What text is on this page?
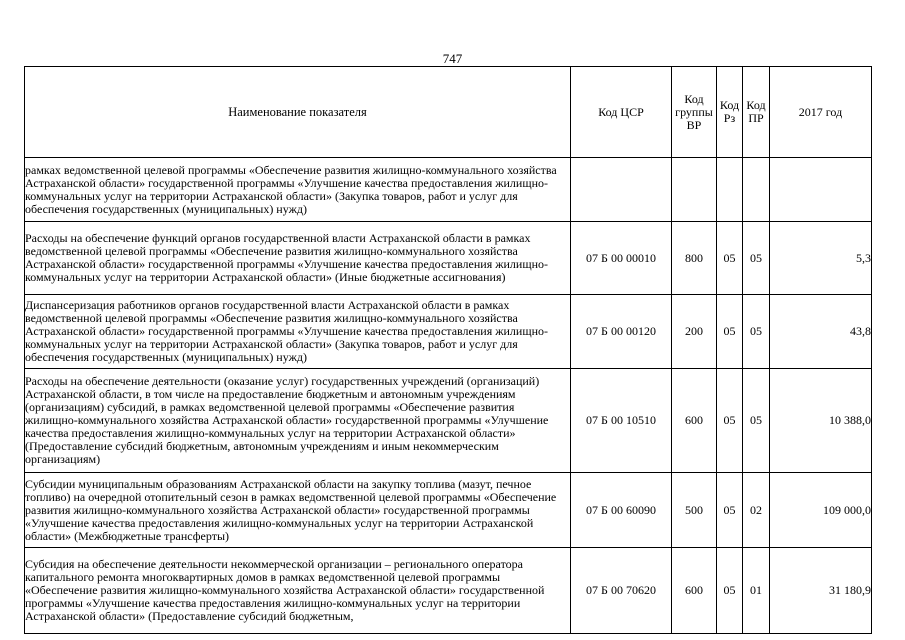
747
Наименование показателя	Код ЦСР	Код группы ВР	Код Рз	Код ПР	2017 год
рамках ведомственной целевой программы «Обеспечение развития жилищно-коммунального хозяйства Астраханской области» государственной программы «Улучшение качества предоставления жилищно-коммунальных услуг на территории Астраханской области» (Закупка товаров, работ и услуг для обеспечения государственных (муниципальных) нужд)					
Расходы на обеспечение функций органов государственной власти Астраханской области в рамках ведомственной целевой программы «Обеспечение развития жилищно-коммунального хозяйства Астраханской области» государственной программы «Улучшение качества предоставления жилищно-коммунальных услуг на территории Астраханской области» (Иные бюджетные ассигнования)	07 Б 00 00010	800	05	05	5,3
Диспансеризация работников органов государственной власти Астраханской области в рамках ведомственной целевой программы «Обеспечение развития жилищно-коммунального хозяйства Астраханской области» государственной программы «Улучшение качества предоставления жилищно-коммунальных услуг на территории Астраханской области» (Закупка товаров, работ и услуг для обеспечения государственных (муниципальных) нужд)	07 Б 00 00120	200	05	05	43,8
Расходы на обеспечение деятельности (оказание услуг) государственных учреждений (организаций) Астраханской области, в том числе на предоставление бюджетным и автономным учреждениям (организациям) субсидий, в рамках ведомственной целевой программы «Обеспечение развития жилищно-коммунального хозяйства Астраханской области» государственной программы «Улучшение качества предоставления жилищно-коммунальных услуг на территории Астраханской области» (Предоставление субсидий бюджетным, автономным учреждениям и иным некоммерческим организациям)	07 Б 00 10510	600	05	05	10 388,0
Субсидии муниципальным образованиям Астраханской области на закупку топлива (мазут, печное топливо) на очередной отопительный сезон в рамках ведомственной целевой программы «Обеспечение развития жилищно-коммунального хозяйства Астраханской области» государственной программы «Улучшение качества предоставления жилищно-коммунальных услуг на территории Астраханской области» (Межбюджетные трансферты)	07 Б 00 60090	500	05	02	109 000,0
Субсидия на обеспечение деятельности некоммерческой организации – регионального оператора капитального ремонта многоквартирных домов в рамках ведомственной целевой программы «Обеспечение развития жилищно-коммунального хозяйства Астраханской области» государственной программы «Улучшение качества предоставления жилищно-коммунальных услуг на территории Астраханской области» (Предоставление субсидий бюджетным,	07 Б 00 70620	600	05	01	31 180,9
